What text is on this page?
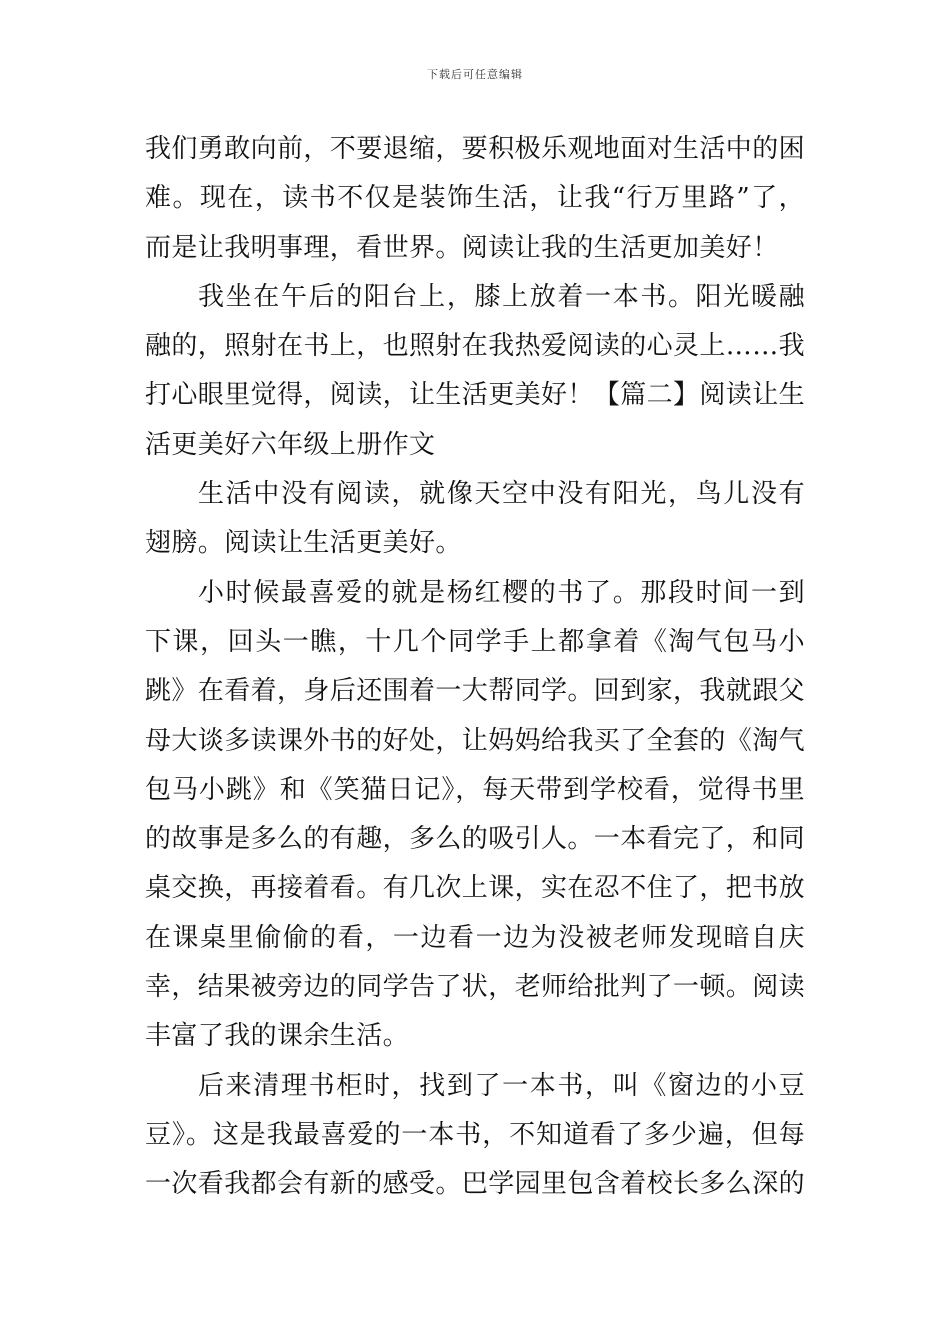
下载后可任意编辑

我们勇敢向前，不要退缩，要积极乐观地面对生活中的困难。现在，读书不仅是装饰生活，让我“行万里路”了，而是让我明事理，看世界。阅读让我的生活更加美好！

我坐在午后的阳台上，膝上放着一本书。阳光暖融融的，照射在书上，也照射在我热爱阅读的心灵上……我打心眼里觉得，阅读，让生活更美好！【篇二】阅读让生活更美好六年级上册作文

生活中没有阅读，就像天空中没有阳光，鸟儿没有翅膀。阅读让生活更美好。

小时候最喜爱的就是杨红樱的书了。那段时间一到下课，回头一瞧，十几个同学手上都拿着《淘气包马小跳》在看着，身后还围着一大帮同学。回到家，我就跟父母大谈多读课外书的好处，让妈妈给我买了全套的《淘气包马小跳》和《笑猫日记》，每天带到学校看，觉得书里的故事是多么的有趣，多么的吸引人。一本看完了，和同桌交换，再接着看。有几次上课，实在忍不住了，把书放在课桌里偷偷的看，一边看一边为没被老师发现暗自庆幸，结果被旁边的同学告了状，老师给批判了一顿。阅读丰富了我的课余生活。

后来清理书柜时，找到了一本书，叫《窗边的小豆豆》。这是我最喜爱的一本书，不知道看了多少遍，但每一次看我都会有新的感受。巴学园里包含着校长多么深的
